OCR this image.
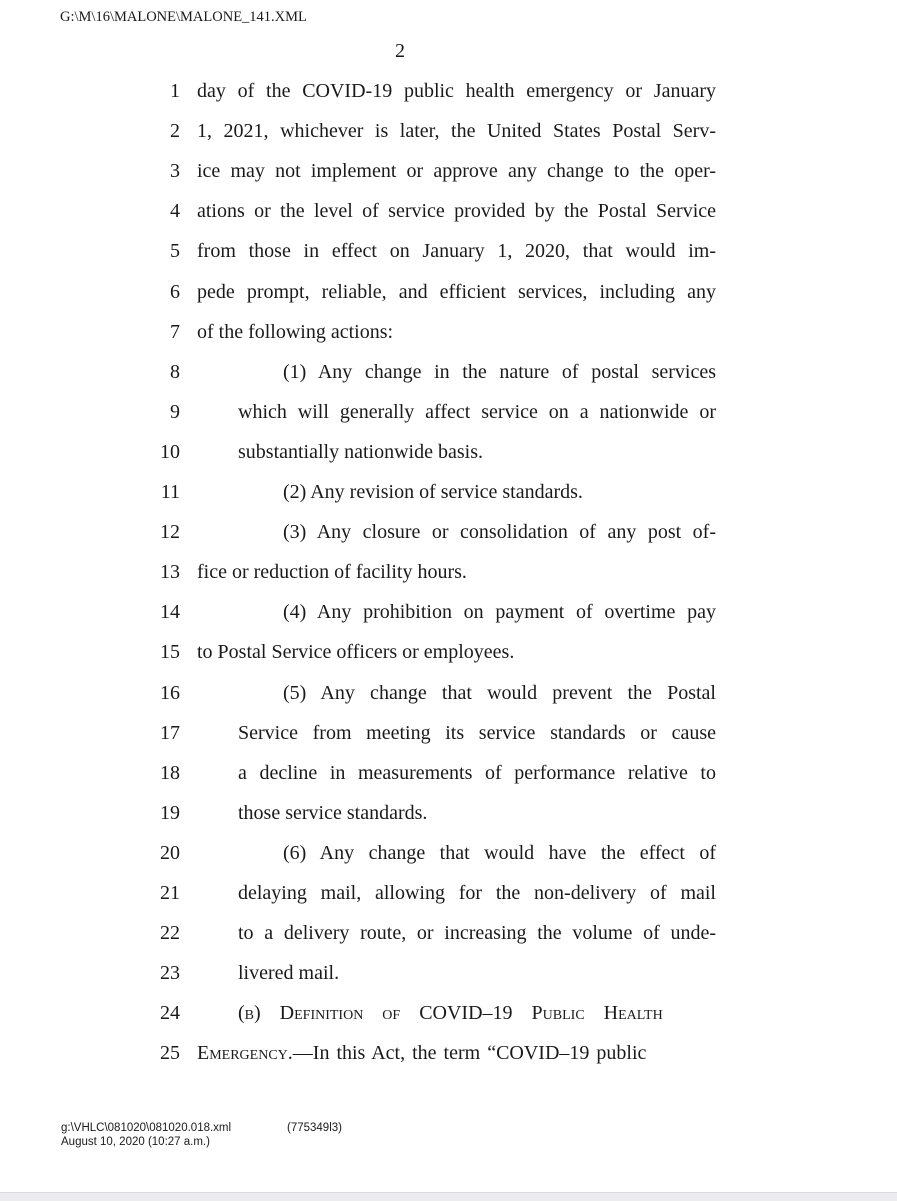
G:\M\16\MALONE\MALONE_141.XML
2
1 day of the COVID-19 public health emergency or January
2 1, 2021, whichever is later, the United States Postal Serv-
3 ice may not implement or approve any change to the oper-
4 ations or the level of service provided by the Postal Service
5 from those in effect on January 1, 2020, that would im-
6 pede prompt, reliable, and efficient services, including any
7 of the following actions:
8	(1) Any change in the nature of postal services
9	which will generally affect service on a nationwide or
10	substantially nationwide basis.
11	(2) Any revision of service standards.
12	(3) Any closure or consolidation of any post of-
13 fice or reduction of facility hours.
14	(4) Any prohibition on payment of overtime pay
15 to Postal Service officers or employees.
16	(5) Any change that would prevent the Postal
17	Service from meeting its service standards or cause
18	a decline in measurements of performance relative to
19	those service standards.
20	(6) Any change that would have the effect of
21	delaying mail, allowing for the non-delivery of mail
22	to a delivery route, or increasing the volume of unde-
23	livered mail.
24	(b) Definition of COVID–19 Public Health
25 Emergency.—In this Act, the term “COVID–19 public
g:\VHLC\081020\081020.018.xml	(775349l3)
August 10, 2020 (10:27 a.m.)
